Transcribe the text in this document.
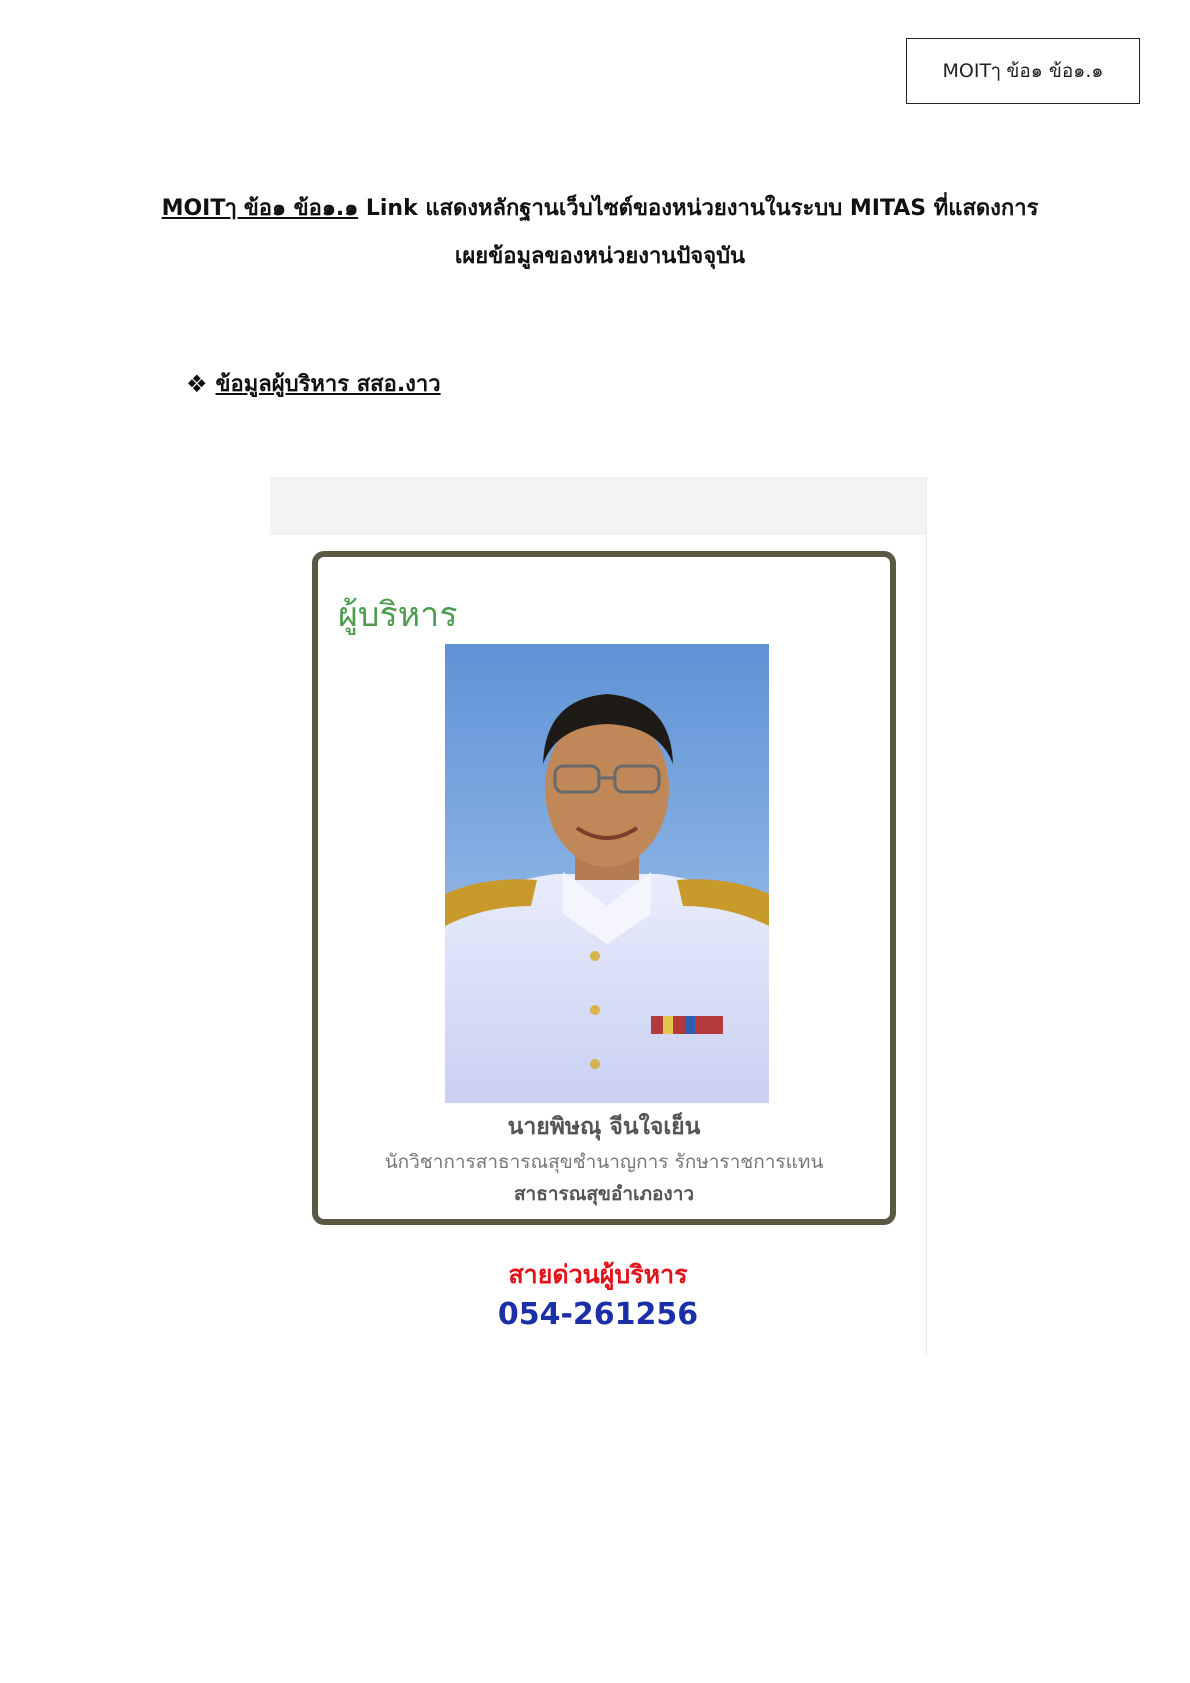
MOITๅ ข้อ๑ ข้อ๑.๑
MOITๅ ข้อ๑ ข้อ๑.๑ Link แสดงหลักฐานเว็บไซต์ของหน่วยงานในระบบ MITAS ที่แสดงการ
เผยข้อมูลของหน่วยงานปัจจุบัน
❖ ข้อมูลผู้บริหาร สสอ.งาว
ผู้บริหาร
นายพิษณุ จีนใจเย็น
นักวิชาการสาธารณสุขชำนาญการ รักษาราชการแทน
สาธารณสุขอำเภองาว
สายด่วนผู้บริหาร
054-261256
